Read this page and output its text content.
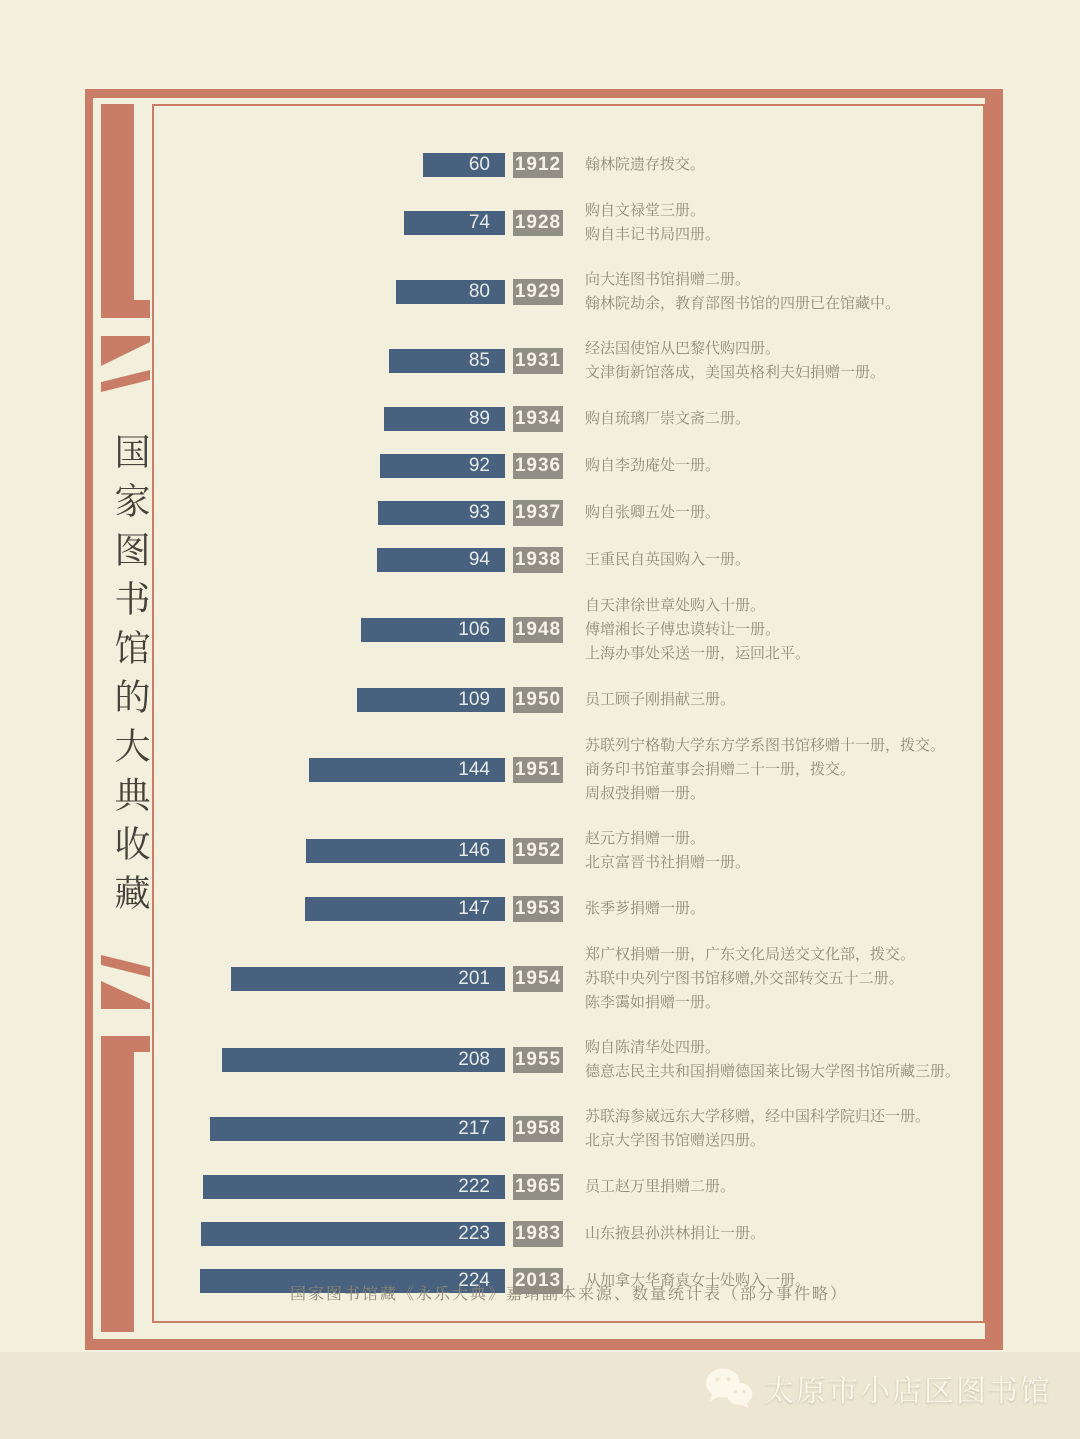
国家图书馆的大典收藏
60 1912 翰林院遗存拨交。
74 1928
购自文禄堂三册。
购自丰记书局四册。
80 1929
向大连图书馆捐赠二册。
翰林院劫余，教育部图书馆的四册已在馆藏中。
85 1931
经法国使馆从巴黎代购四册。
文津街新馆落成，美国英格利夫妇捐赠一册。
89 1934 购自琉璃厂崇文斋二册。
92 1936 购自李劲庵处一册。
93 1937 购自张卿五处一册。
94 1938 王重民自英国购入一册。
106 1948
自天津徐世章处购入十册。
傅增湘长子傅忠谟转让一册。
上海办事处采送一册，运回北平。
109 1950 员工顾子刚捐献三册。
144 1951
苏联列宁格勒大学东方学系图书馆移赠十一册，拨交。
商务印书馆董事会捐赠二十一册，拨交。
周叔弢捐赠一册。
146 1952
赵元方捐赠一册。
北京富晋书社捐赠一册。
147 1953 张季芗捐赠一册。
201 1954
郑广权捐赠一册，广东文化局送交文化部，拨交。
苏联中央列宁图书馆移赠,外交部转交五十二册。
陈李霭如捐赠一册。
208 1955
购自陈清华处四册。
德意志民主共和国捐赠德国莱比锡大学图书馆所藏三册。
217 1958
苏联海参崴远东大学移赠，经中国科学院归还一册。
北京大学图书馆赠送四册。
222 1965 员工赵万里捐赠二册。
223 1983 山东掖县孙洪林捐让一册。
224 2013 从加拿大华裔袁女士处购入一册。
国家图书馆藏《永乐大典》嘉靖副本来源、数量统计表（部分事件略）
太原市小店区图书馆
